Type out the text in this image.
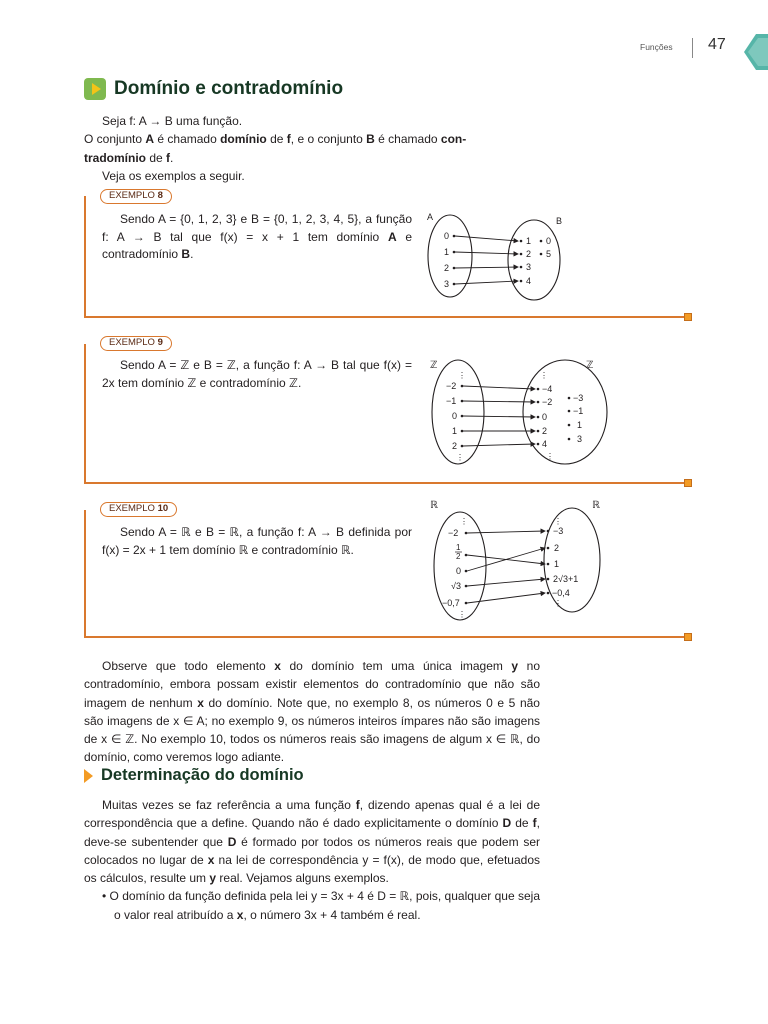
Funções 47
Domínio e contradomínio

Seja f: A → B uma função.

O conjunto A é chamado domínio de f, e o conjunto B é chamado con-

tradomínio de f.

Veja os exemplos a seguir.

EXEMPLO 8

Sendo A = {0, 1, 2, 3} e B = {0, 1, 2, 3, 4, 5}, a função f: A → B tal que f(x) = x + 1 tem domínio A e contradomínio B.

A	B
0
1
2
3
1
2
3
4
0
5
EXEMPLO 9

Sendo A = ℤ e B = ℤ, a função f: A → B tal que f(x) = 2x tem domínio ℤ e contradomínio ℤ.

ℤ	ℤ
⋮
−2
−1
0
1
2
⋮
⋮
−4
−2
0
2
4
⋮
−3
−1
1
3
EXEMPLO 10

Sendo A = ℝ e B = ℝ, a função f: A → B definida por f(x) = 2x + 1 tem domínio ℝ e contradomínio ℝ.

ℝ	ℝ
⋮
−2
1
2
0
√3
−0,7
⋮
⋮
−3
2
1
2√3+1
−0,4
⋮

Observe que todo elemento x do domínio tem uma única imagem y no contradomínio, embora possam existir elementos do contradomínio que não são imagem de nenhum x do domínio. Note que, no exemplo 8, os números 0 e 5 não são imagens de x ∈ A; no exemplo 9, os números inteiros ímpares não são imagens de x ∈ ℤ. No exemplo 10, todos os números reais são imagens de algum x ∈ ℝ, do domínio, como veremos logo adiante.

Determinação do domínio

Muitas vezes se faz referência a uma função f, dizendo apenas qual é a lei de correspondência que a define. Quando não é dado explicitamente o domínio D de f, deve-se subentender que D é formado por todos os números reais que podem ser colocados no lugar de x na lei de correspondência y = f(x), de modo que, efetuados os cálculos, resulte um y real. Vejamos alguns exemplos.

• O domínio da função definida pela lei y = 3x + 4 é D = ℝ, pois, qualquer que seja o valor real atribuído a x, o número 3x + 4 também é real.
